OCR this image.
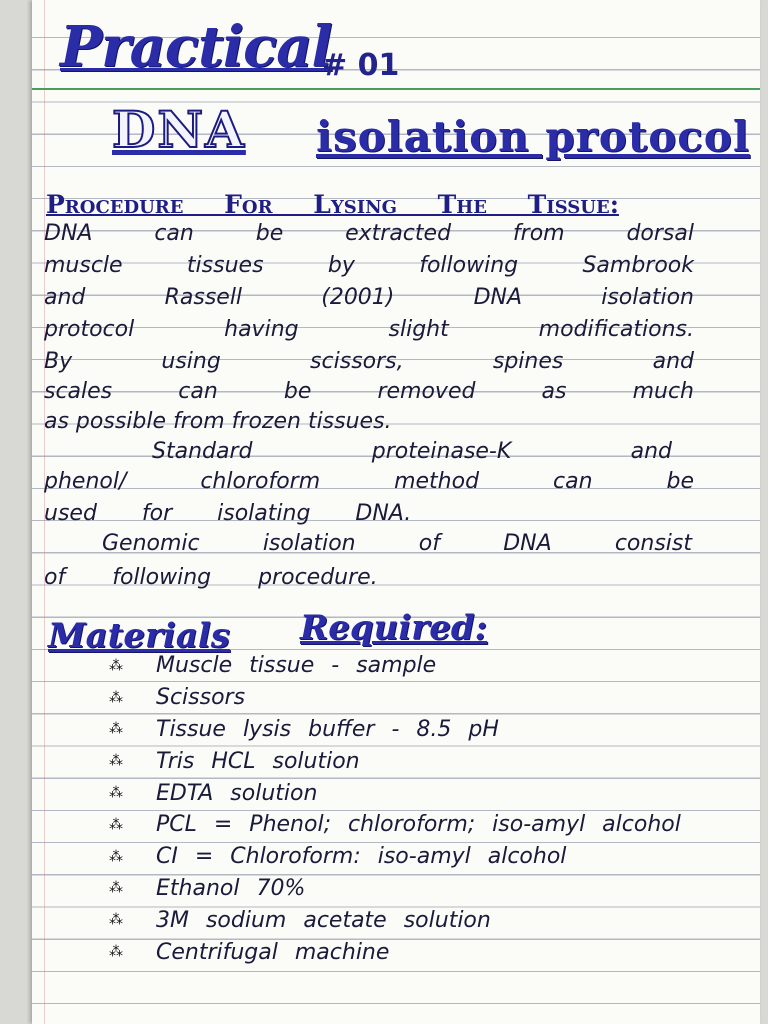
Practical
# 01
DNA isolation protocol
Procedure For Lysing The Tissue:
DNA can be extracted from dorsal
muscle tissues by following Sambrook
and Rassell (2001) DNA isolation
protocol having slight modifications.
By using scissors, spines and
scales can be removed as much
as possible from frozen tissues.
Standard proteinase-K and
phenol/ chloroform method can be
used for isolating DNA.
Genomic isolation of DNA consist
of following procedure.
Materials Required:
⁂ Muscle tissue - sample
⁂ Scissors
⁂ Tissue lysis buffer - 8.5 pH
⁂ Tris HCL solution
⁂ EDTA solution
⁂ PCL = Phenol; chloroform; iso-amyl alcohol
⁂ CI = Chloroform: iso-amyl alcohol
⁂ Ethanol 70%
⁂ 3M sodium acetate solution
⁂ Centrifugal machine
